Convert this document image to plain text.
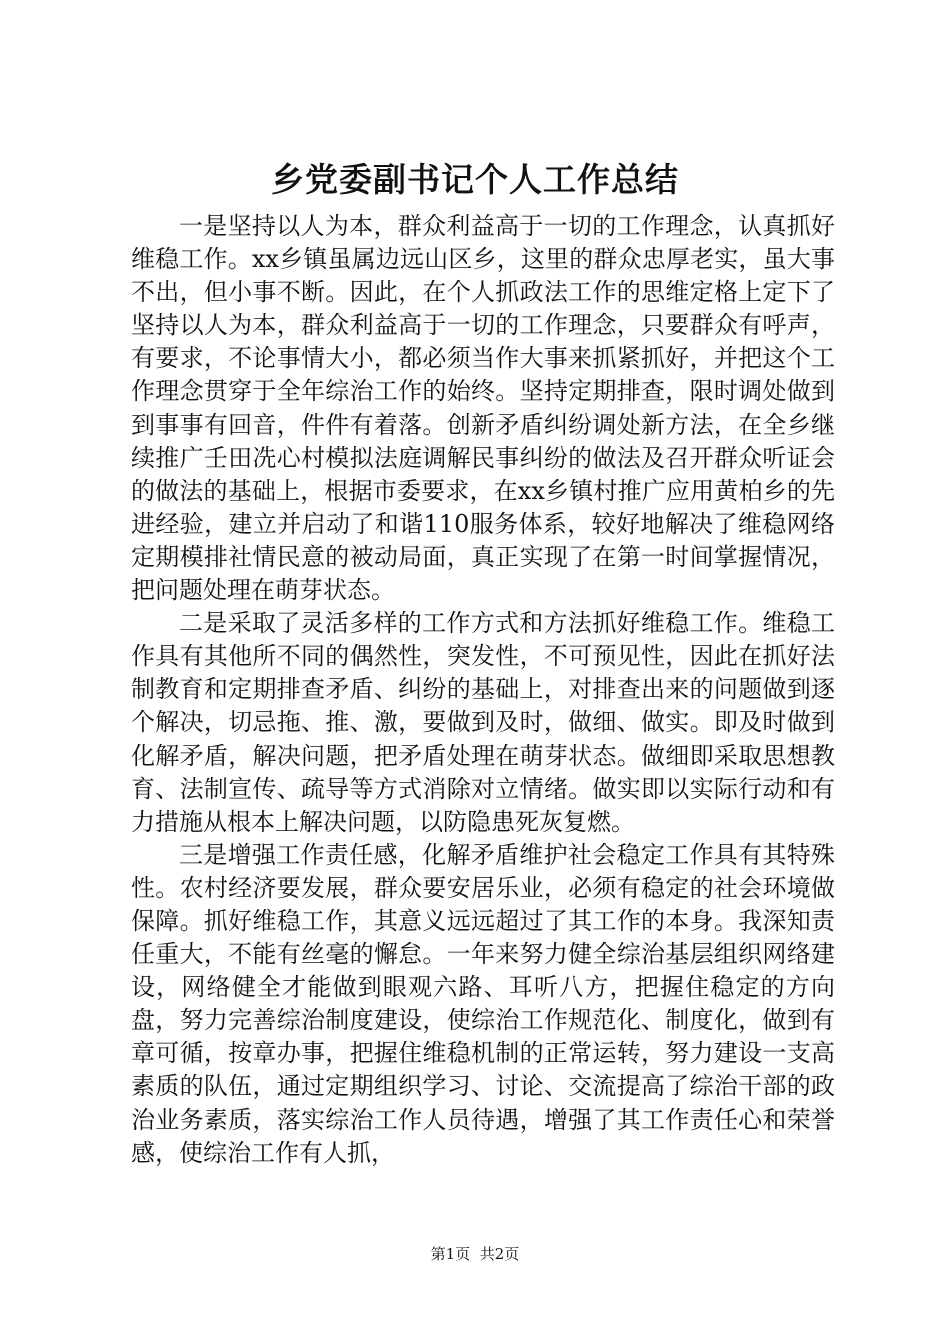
乡党委副书记个人工作总结

一是坚持以人为本，群众利益高于一切的工作理念，认真抓好维稳工作。xx乡镇虽属边远山区乡，这里的群众忠厚老实，虽大事不出，但小事不断。因此，在个人抓政法工作的思维定格上定下了坚持以人为本，群众利益高于一切的工作理念，只要群众有呼声，有要求，不论事情大小，都必须当作大事来抓紧抓好，并把这个工作理念贯穿于全年综治工作的始终。坚持定期排查，限时调处做到到事事有回音，件件有着落。创新矛盾纠纷调处新方法，在全乡继续推广壬田冼心村模拟法庭调解民事纠纷的做法及召开群众听证会的做法的基础上，根据市委要求，在xx乡镇村推广应用黄柏乡的先进经验，建立并启动了和谐110服务体系，较好地解决了维稳网络定期模排社情民意的被动局面，真正实现了在第一时间掌握情况，把问题处理在萌芽状态。

二是采取了灵活多样的工作方式和方法抓好维稳工作。维稳工作具有其他所不同的偶然性，突发性，不可预见性，因此在抓好法制教育和定期排查矛盾、纠纷的基础上，对排查出来的问题做到逐个解决，切忌拖、推、激，要做到及时，做细、做实。即及时做到化解矛盾，解决问题，把矛盾处理在萌芽状态。做细即采取思想教育、法制宣传、疏导等方式消除对立情绪。做实即以实际行动和有力措施从根本上解决问题，以防隐患死灰复燃。

三是增强工作责任感，化解矛盾维护社会稳定工作具有其特殊性。农村经济要发展，群众要安居乐业，必须有稳定的社会环境做保障。抓好维稳工作，其意义远远超过了其工作的本身。我深知责任重大，不能有丝毫的懈怠。一年来努力健全综治基层组织网络建设，网络健全才能做到眼观六路、耳听八方，把握住稳定的方向盘，努力完善综治制度建设，使综治工作规范化、制度化，做到有章可循，按章办事，把握住维稳机制的正常运转，努力建设一支高素质的队伍，通过定期组织学习、讨论、交流提高了综治干部的政治业务素质，落实综治工作人员待遇，增强了其工作责任心和荣誉感，使综治工作有人抓，

第1页 共2页
